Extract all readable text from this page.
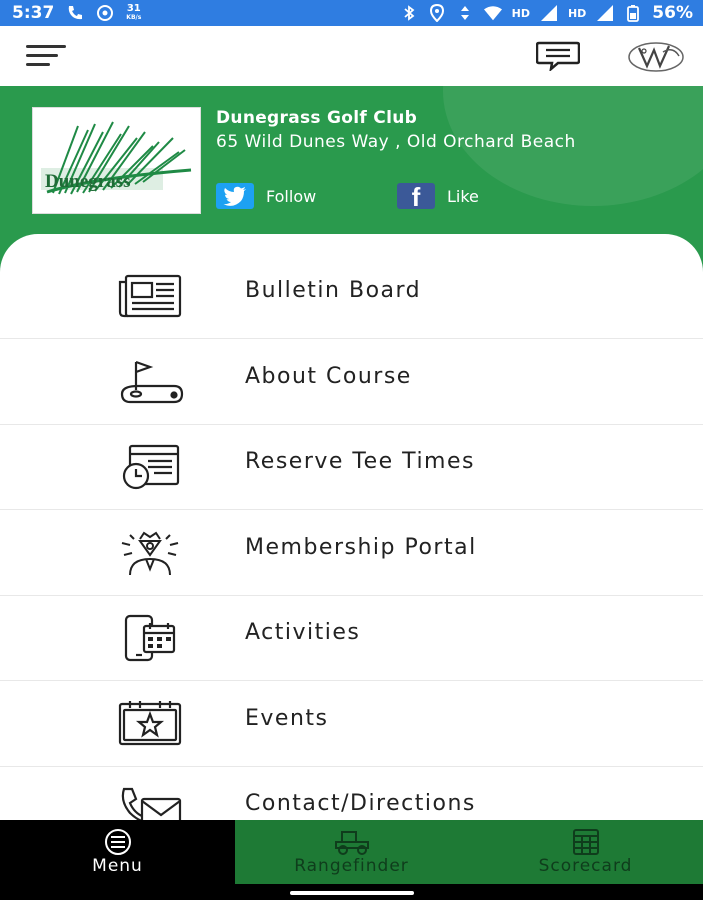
5:37	31
KB/s	HD	HD	56%
Dunegrass
Dunegrass Golf Club
65 Wild Dunes Way , Old Orchard Beach
Follow	f Like
Bulletin Board
About Course
Reserve Tee Times
Membership Portal
Activities
Events
Contact/Directions
Menu	Rangefinder	Scorecard
